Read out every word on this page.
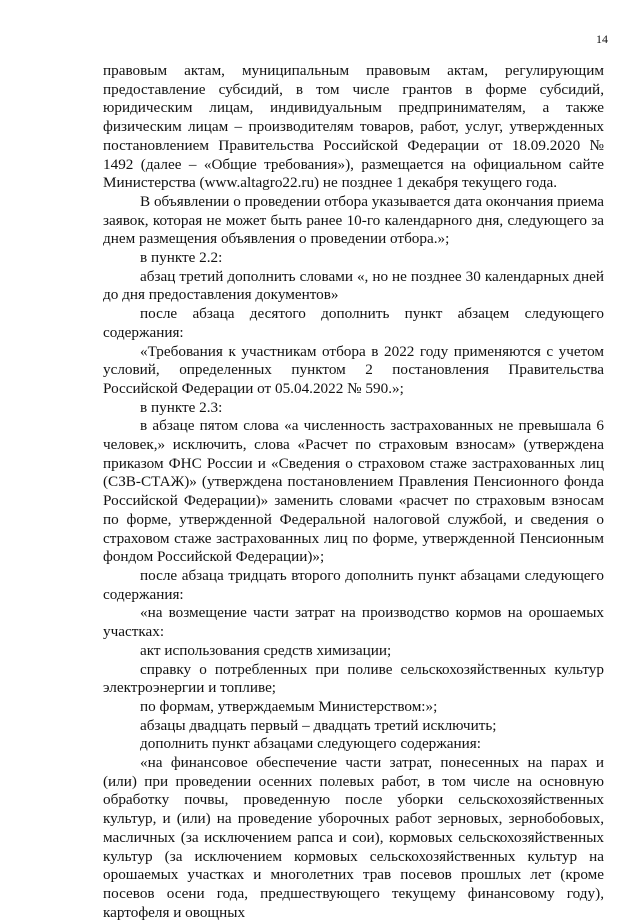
14

правовым актам, муниципальным правовым актам, регулирующим предоставление субсидий, в том числе грантов в форме субсидий, юридическим лицам, индивидуальным предпринимателям, а также физическим лицам – производителям товаров, работ, услуг, утвержденных постановлением Правительства Российской Федерации от 18.09.2020 № 1492 (далее – «Общие требования»), размещается на официальном сайте Министерства (www.altagro22.ru) не позднее 1 декабря текущего года.

В объявлении о проведении отбора указывается дата окончания приема заявок, которая не может быть ранее 10-го календарного дня, следующего за днем размещения объявления о проведении отбора.»;

в пункте 2.2:

абзац третий дополнить словами «, но не позднее 30 календарных дней до дня предоставления документов»

после абзаца десятого дополнить пункт абзацем следующего содержания:

«Требования к участникам отбора в 2022 году применяются с учетом условий, определенных пунктом 2 постановления Правительства Российской Федерации от 05.04.2022 № 590.»;

в пункте 2.3:

в абзаце пятом слова «а численность застрахованных не превышала 6 человек,» исключить, слова «Расчет по страховым взносам» (утверждена приказом ФНС России и «Сведения о страховом стаже застрахованных лиц (СЗВ-СТАЖ)» (утверждена постановлением Правления Пенсионного фонда Российской Федерации)» заменить словами «расчет по страховым взносам по форме, утвержденной Федеральной налоговой службой, и сведения о страховом стаже застрахованных лиц по форме, утвержденной Пенсионным фондом Российской Федерации)»;

после абзаца тридцать второго дополнить пункт абзацами следующего содержания:

«на возмещение части затрат на производство кормов на орошаемых участках:

акт использования средств химизации;

справку о потребленных при поливе сельскохозяйственных культур электроэнергии и топливе;

по формам, утверждаемым Министерством:»;

абзацы двадцать первый – двадцать третий исключить;

дополнить пункт абзацами следующего содержания:

«на финансовое обеспечение части затрат, понесенных на парах и (или) при проведении осенних полевых работ, в том числе на основную обработку почвы, проведенную после уборки сельскохозяйственных культур, и (или) на проведение уборочных работ зерновых, зернобобовых, масличных (за исключением рапса и сои), кормовых сельскохозяйственных культур (за исключением кормовых сельскохозяйственных культур на орошаемых участках и многолетних трав посевов прошлых лет (кроме посевов осени года, предшествующего текущему финансовому году), картофеля и овощных
